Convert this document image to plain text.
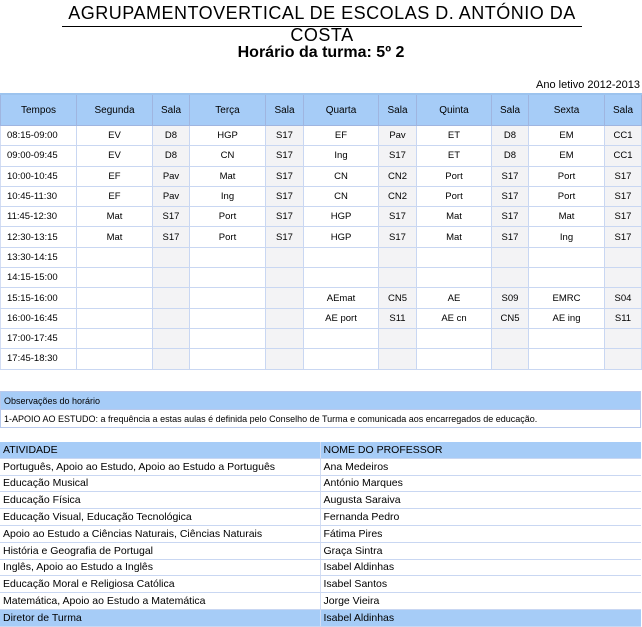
AGRUPAMENTOVERTICAL DE ESCOLAS D. ANTÓNIO DA COSTA
Horário da turma: 5º 2
Ano letivo 2012-2013
Tempos	Segunda	Sala	Terça	Sala	Quarta	Sala	Quinta	Sala	Sexta	Sala
08:15-09:00	EV	D8	HGP	S17	EF	Pav	ET	D8	EM	CC1
09:00-09:45	EV	D8	CN	S17	Ing	S17	ET	D8	EM	CC1
10:00-10:45	EF	Pav	Mat	S17	CN	CN2	Port	S17	Port	S17
10:45-11:30	EF	Pav	Ing	S17	CN	CN2	Port	S17	Port	S17
11:45-12:30	Mat	S17	Port	S17	HGP	S17	Mat	S17	Mat	S17
12:30-13:15	Mat	S17	Port	S17	HGP	S17	Mat	S17	Ing	S17
13:30-14:15										
14:15-15:00										
15:15-16:00					AEmat	CN5	AE	S09	EMRC	S04
16:00-16:45					AE port	S11	AE cn	CN5	AE ing	S11
17:00-17:45										
17:45-18:30										
Observações do horário
1-APOIO AO ESTUDO: a frequência a estas aulas é definida pelo Conselho de Turma e comunicada aos encarregados de educação.
ATIVIDADE	NOME DO PROFESSOR
Português, Apoio ao Estudo, Apoio ao Estudo a Português	Ana Medeiros
Educação Musical	António Marques
Educação Física	Augusta Saraiva
Educação Visual, Educação Tecnológica	Fernanda Pedro
Apoio ao Estudo a Ciências Naturais, Ciências Naturais	Fátima Pires
História e Geografia de Portugal	Graça Sintra
Inglês, Apoio ao Estudo a Inglês	Isabel Aldinhas
Educação Moral e Religiosa Católica	Isabel Santos
Matemática, Apoio ao Estudo a Matemática	Jorge Vieira
Diretor de Turma	Isabel Aldinhas
